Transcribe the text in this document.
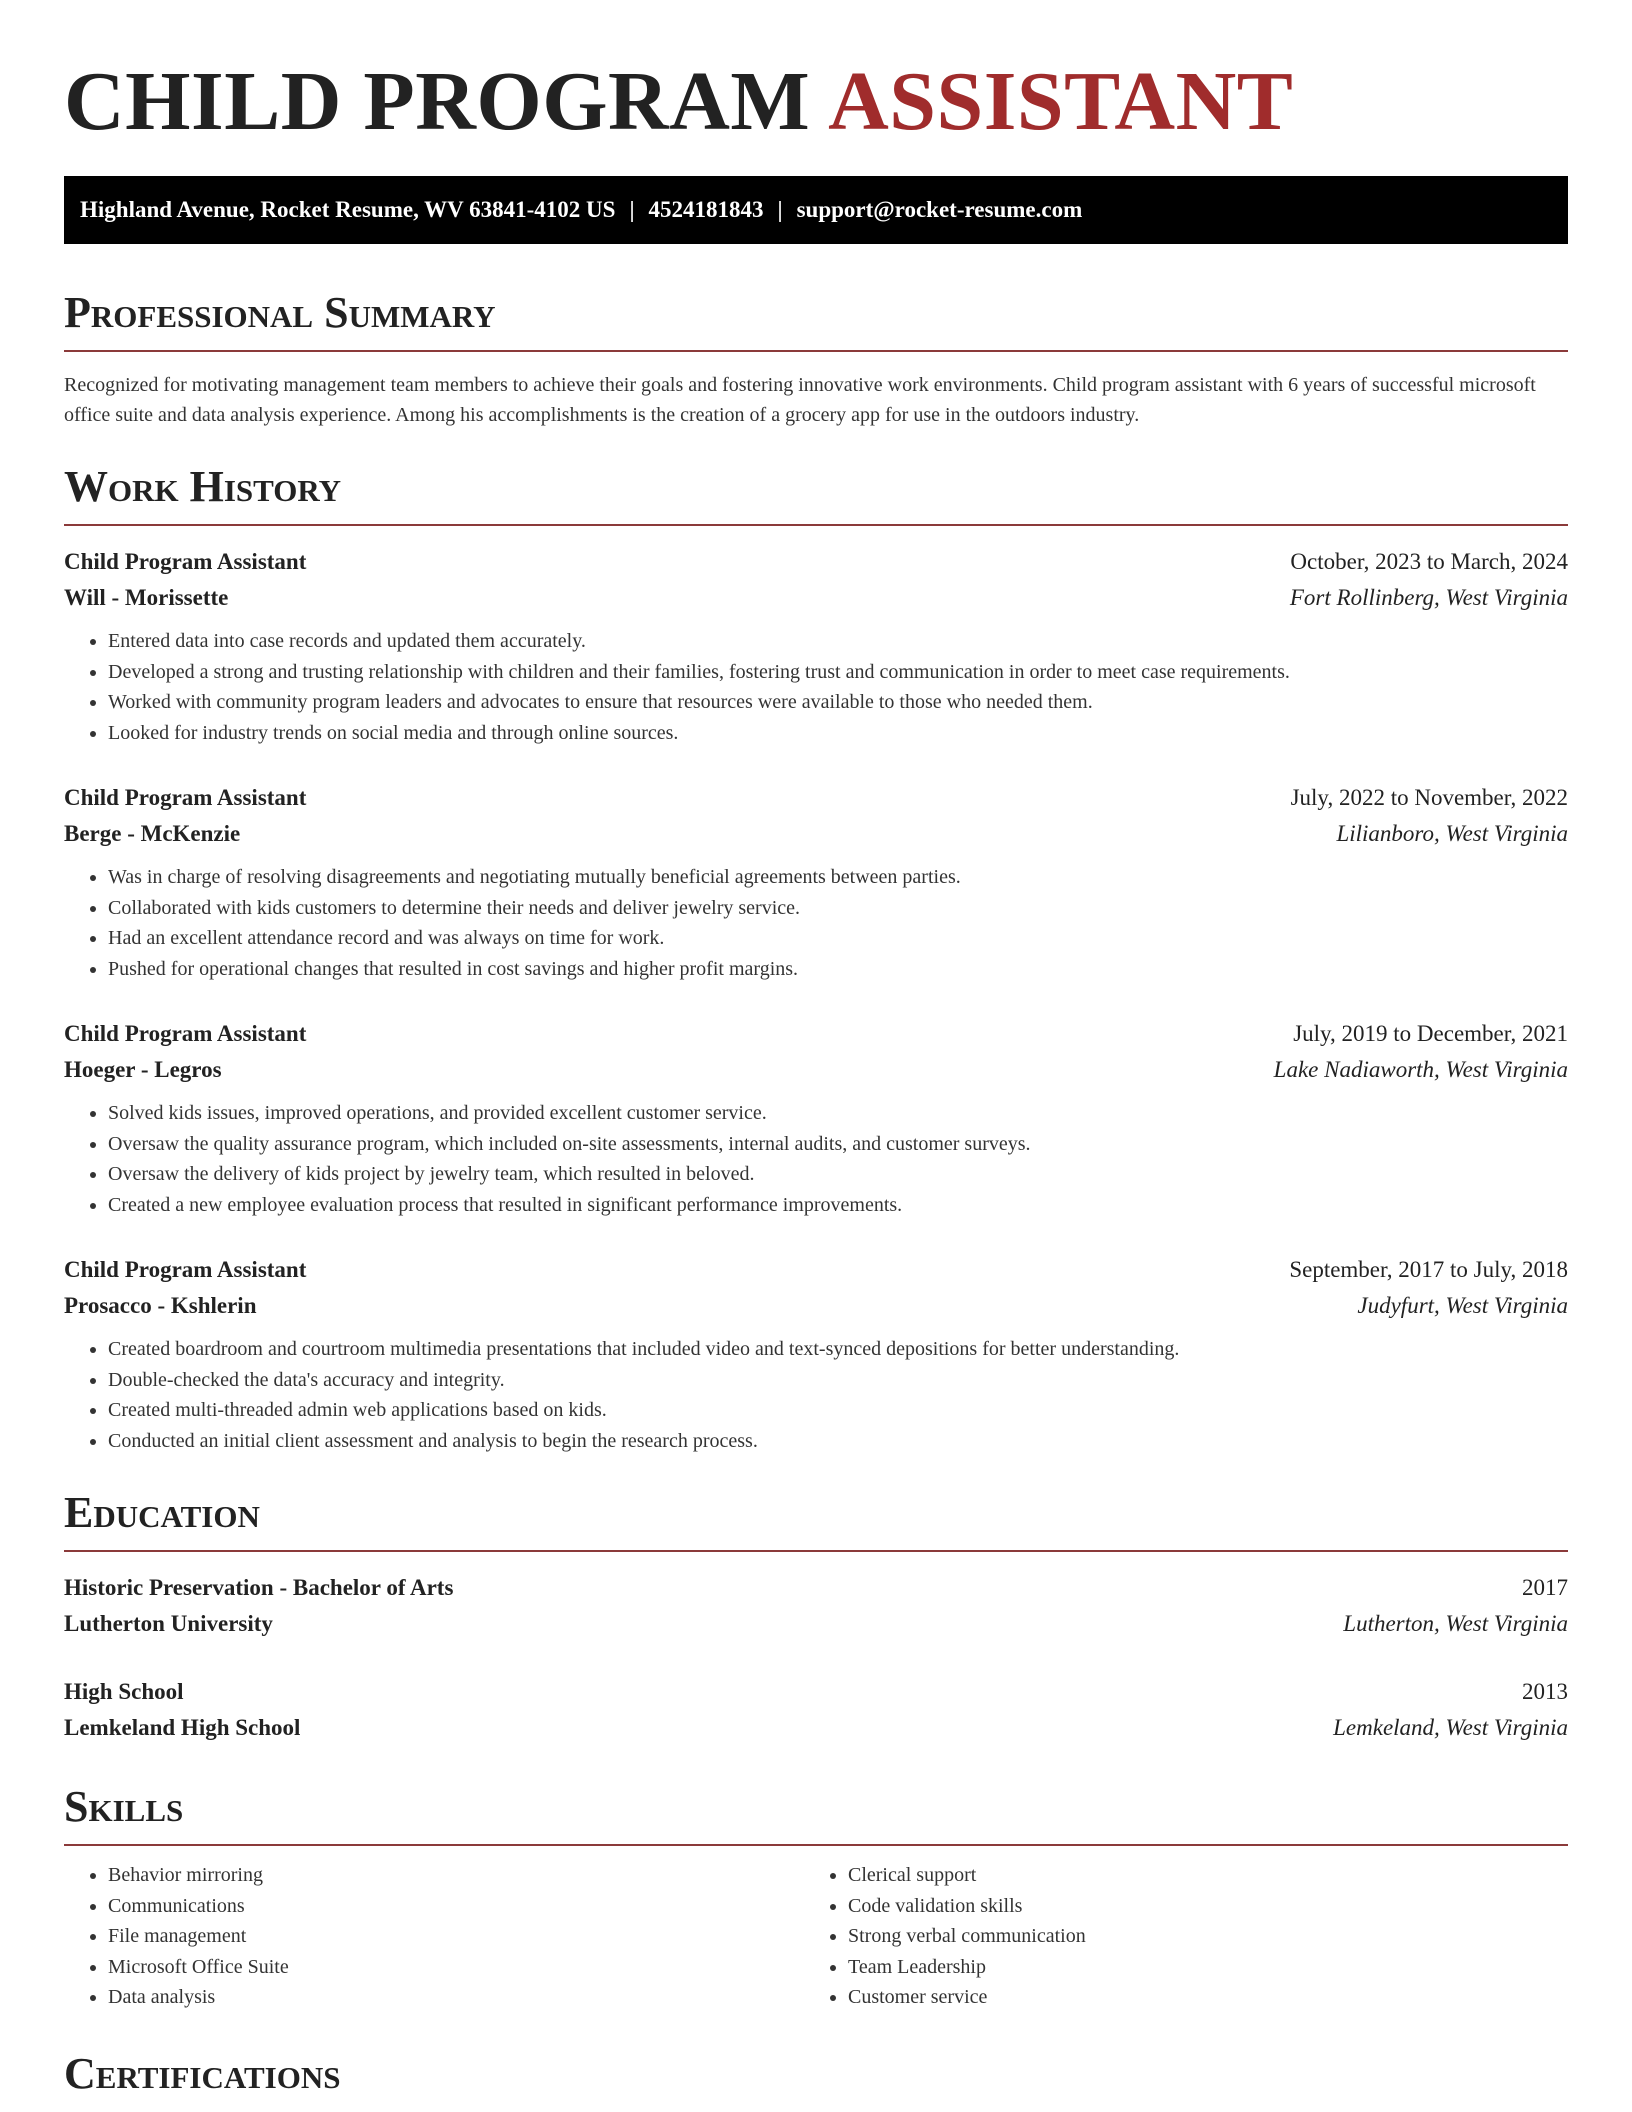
CHILD PROGRAM ASSISTANT
Highland Avenue, Rocket Resume, WV 63841-4102 US | 4524181843 | support@rocket-resume.com
Professional Summary

Recognized for motivating management team members to achieve their goals and fostering innovative work environments. Child program assistant with 6 years of successful microsoft office suite and data analysis experience. Among his accomplishments is the creation of a grocery app for use in the outdoors industry.

Work History
Child Program Assistant	October, 2023 to March, 2024
Will - Morissette	Fort Rollinberg, West Virginia
• Entered data into case records and updated them accurately.
• Developed a strong and trusting relationship with children and their families, fostering trust and communication in order to meet case requirements.
• Worked with community program leaders and advocates to ensure that resources were available to those who needed them.
• Looked for industry trends on social media and through online sources.
Child Program Assistant	July, 2022 to November, 2022
Berge - McKenzie	Lilianboro, West Virginia
• Was in charge of resolving disagreements and negotiating mutually beneficial agreements between parties.
• Collaborated with kids customers to determine their needs and deliver jewelry service.
• Had an excellent attendance record and was always on time for work.
• Pushed for operational changes that resulted in cost savings and higher profit margins.
Child Program Assistant	July, 2019 to December, 2021
Hoeger - Legros	Lake Nadiaworth, West Virginia
• Solved kids issues, improved operations, and provided excellent customer service.
• Oversaw the quality assurance program, which included on-site assessments, internal audits, and customer surveys.
• Oversaw the delivery of kids project by jewelry team, which resulted in beloved.
• Created a new employee evaluation process that resulted in significant performance improvements.
Child Program Assistant	September, 2017 to July, 2018
Prosacco - Kshlerin	Judyfurt, West Virginia
• Created boardroom and courtroom multimedia presentations that included video and text-synced depositions for better understanding.
• Double-checked the data's accuracy and integrity.
• Created multi-threaded admin web applications based on kids.
• Conducted an initial client assessment and analysis to begin the research process.
Education
Historic Preservation - Bachelor of Arts	2017
Lutherton University	Lutherton, West Virginia
High School	2013
Lemkeland High School	Lemkeland, West Virginia
Skills
• Behavior mirroring
• Communications
• File management
• Microsoft Office Suite
• Data analysis
• Clerical support
• Code validation skills
• Strong verbal communication
• Team Leadership
• Customer service
Certifications
